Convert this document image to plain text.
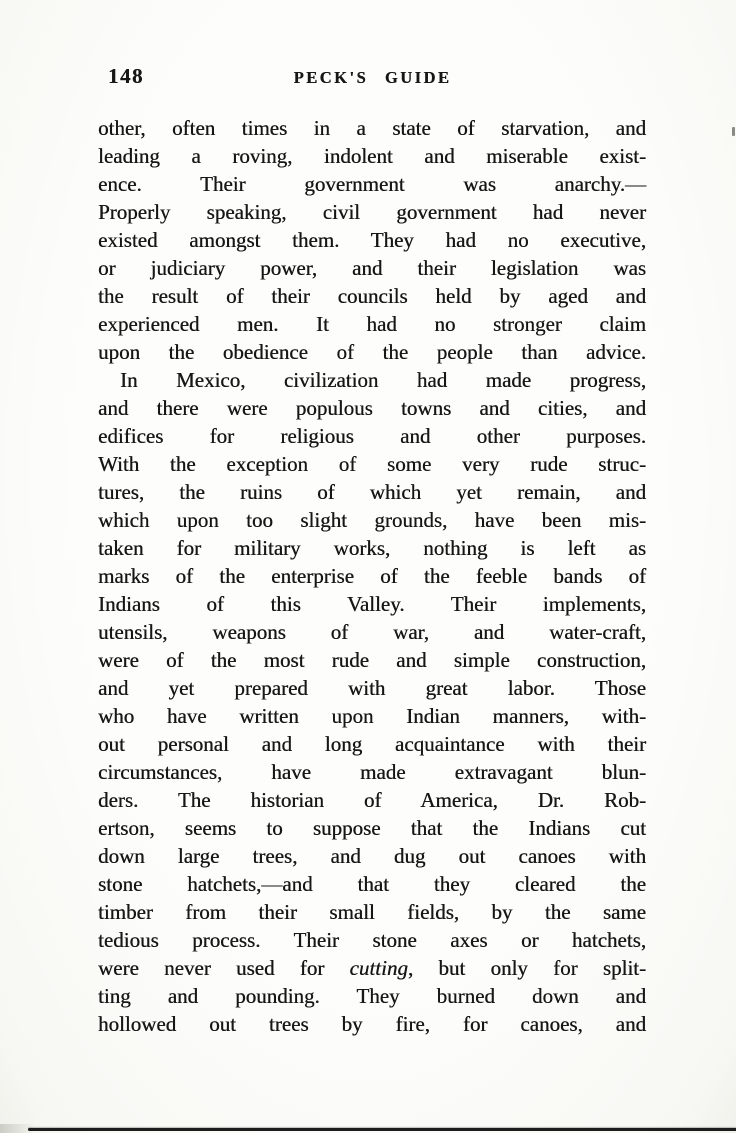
148	PECK'S GUIDE
other, often times in a state of starvation, and
leading a roving, indolent and miserable exist-
ence. Their government was anarchy.—
Properly speaking, civil government had never
existed amongst them. They had no executive,
or judiciary power, and their legislation was
the result of their councils held by aged and
experienced men. It had no stronger claim
upon the obedience of the people than advice.
In Mexico, civilization had made progress,
and there were populous towns and cities, and
edifices for religious and other purposes.
With the exception of some very rude struc-
tures, the ruins of which yet remain, and
which upon too slight grounds, have been mis-
taken for military works, nothing is left as
marks of the enterprise of the feeble bands of
Indians of this Valley. Their implements,
utensils, weapons of war, and water-craft,
were of the most rude and simple construction,
and yet prepared with great labor. Those
who have written upon Indian manners, with-
out personal and long acquaintance with their
circumstances, have made extravagant blun-
ders. The historian of America, Dr. Rob-
ertson, seems to suppose that the Indians cut
down large trees, and dug out canoes with
stone hatchets,—and that they cleared the
timber from their small fields, by the same
tedious process. Their stone axes or hatchets,
were never used for cutting, but only for split-
ting and pounding. They burned down and
hollowed out trees by fire, for canoes, and
